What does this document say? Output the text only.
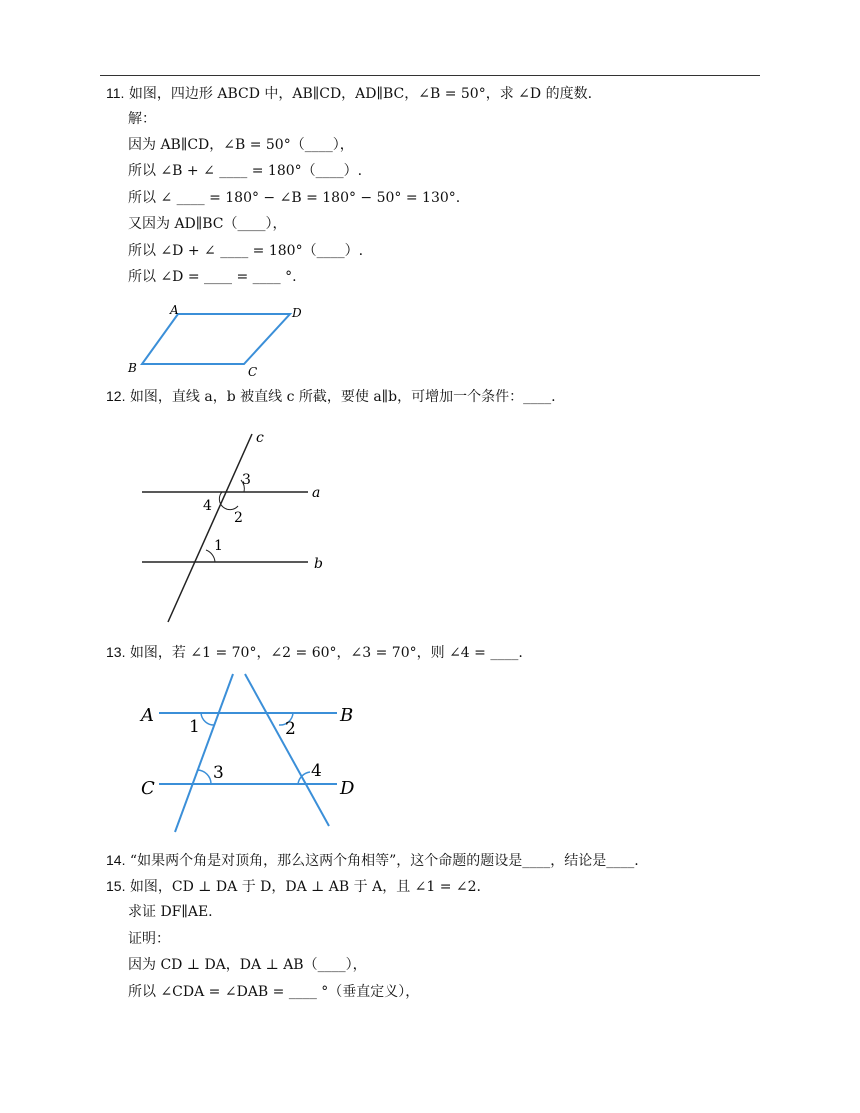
11. 如图，四边形 ABCD 中，AB∥CD，AD∥BC，∠B = 50°，求 ∠D 的度数.
解：
因为 AB∥CD，∠B = 50°（____），
所以 ∠B + ∠ ____ = 180°（____）.
所以 ∠ ____ = 180° − ∠B = 180° − 50° = 130°.
又因为 AD∥BC（____），
所以 ∠D + ∠ ____ = 180°（____）.
所以 ∠D = ____ = ____ °.
A	D
B	C
12. 如图，直线 a，b 被直线 c 所截，要使 a∥b，可增加一个条件：____.
c
a
b
3
4
2
1
13. 如图，若 ∠1 = 70°，∠2 = 60°，∠3 = 70°，则 ∠4 = ____.
A	B
C	D
1	2
3	4
14. “如果两个角是对顶角，那么这两个角相等”，这个命题的题设是____，结论是____.
15. 如图，CD ⊥ DA 于 D，DA ⊥ AB 于 A，且 ∠1 = ∠2.
求证 DF∥AE.
证明：
因为 CD ⊥ DA，DA ⊥ AB（____），
所以 ∠CDA = ∠DAB = ____ °（垂直定义），
